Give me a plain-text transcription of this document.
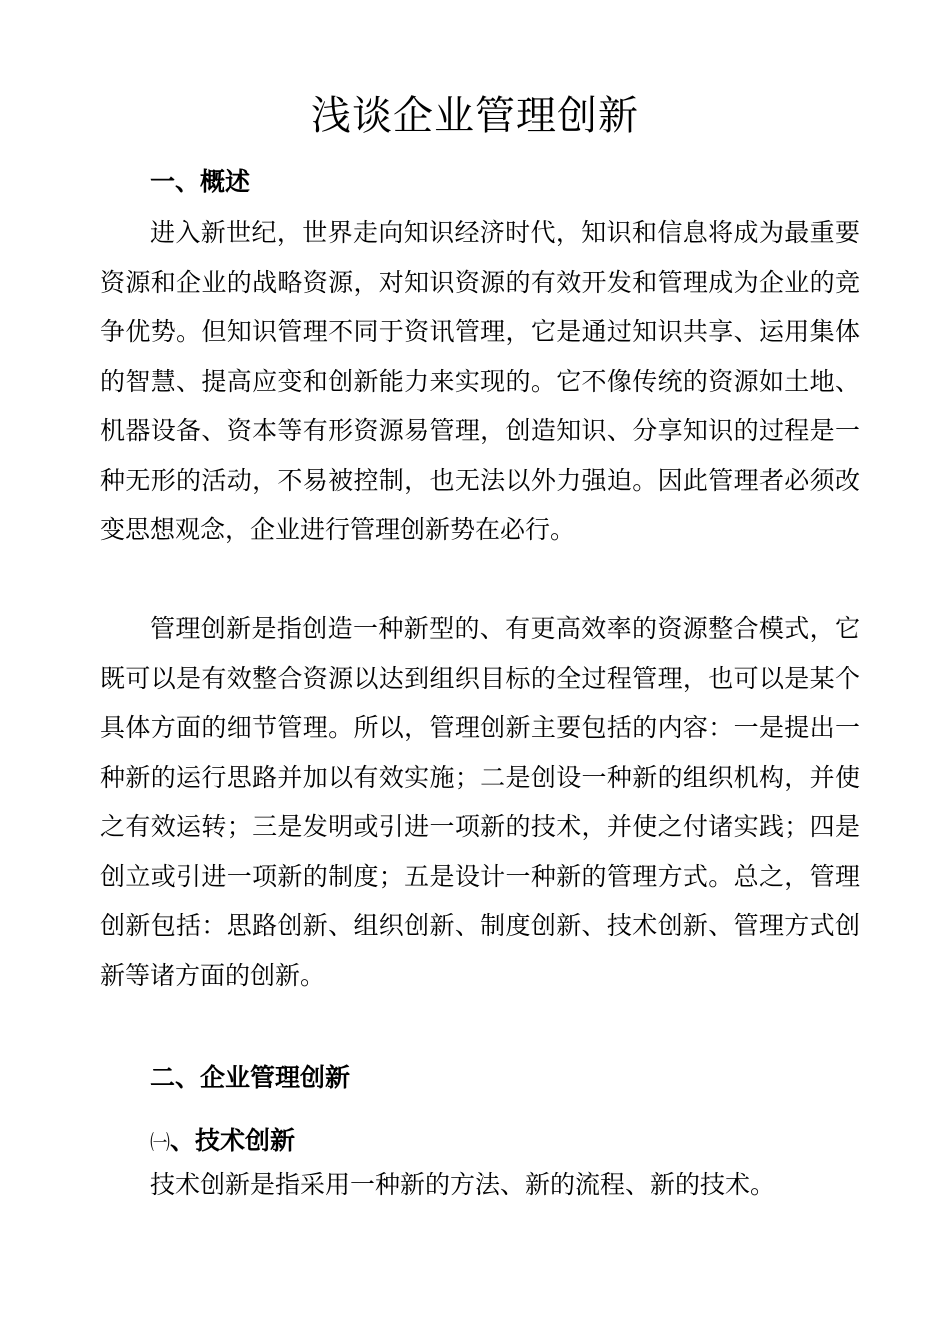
浅谈企业管理创新
一、概述

进入新世纪，世界走向知识经济时代，知识和信息将成为最重要资源和企业的战略资源，对知识资源的有效开发和管理成为企业的竞争优势。但知识管理不同于资讯管理，它是通过知识共享、运用集体的智慧、提高应变和创新能力来实现的。它不像传统的资源如土地、机器设备、资本等有形资源易管理，创造知识、分享知识的过程是一种无形的活动，不易被控制，也无法以外力强迫。因此管理者必须改变思想观念，企业进行管理创新势在必行。

管理创新是指创造一种新型的、有更高效率的资源整合模式，它既可以是有效整合资源以达到组织目标的全过程管理，也可以是某个具体方面的细节管理。所以，管理创新主要包括的内容：一是提出一种新的运行思路并加以有效实施；二是创设一种新的组织机构，并使之有效运转；三是发明或引进一项新的技术，并使之付诸实践；四是创立或引进一项新的制度；五是设计一种新的管理方式。总之，管理创新包括：思路创新、组织创新、制度创新、技术创新、管理方式创新等诸方面的创新。

二、企业管理创新
㈠、技术创新

技术创新是指采用一种新的方法、新的流程、新的技术。
